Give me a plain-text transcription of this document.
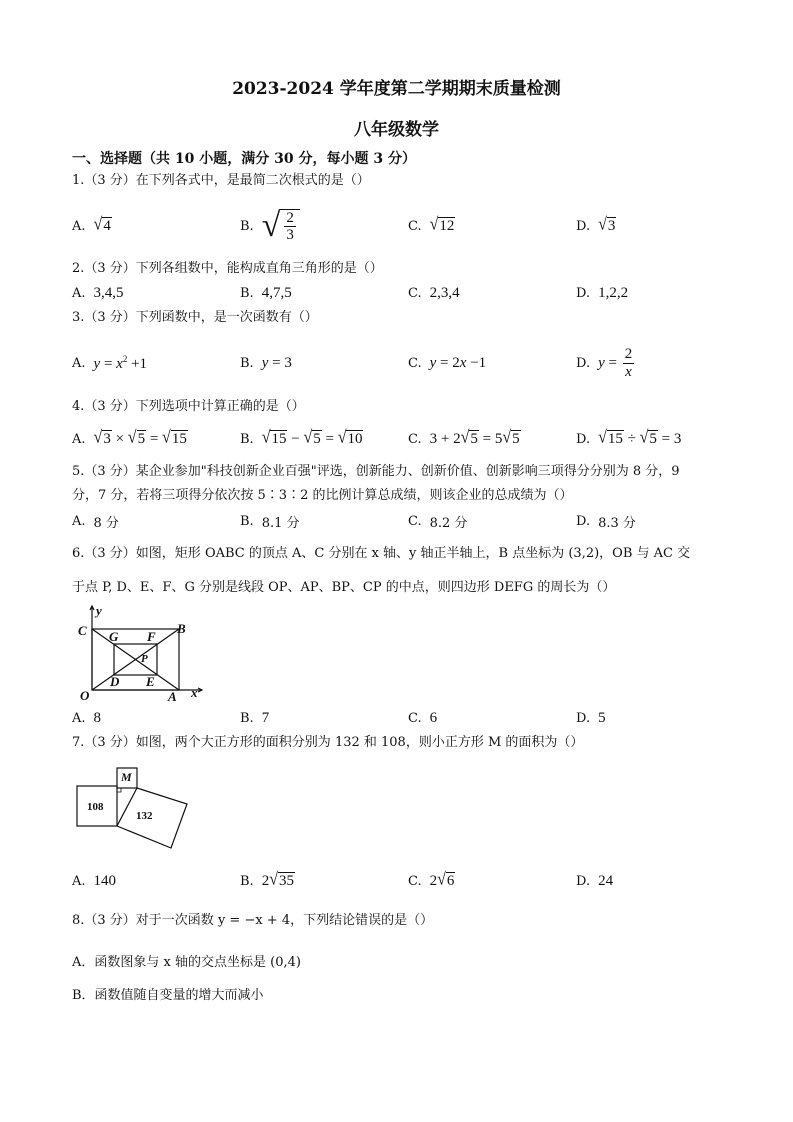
2023-2024 学年度第二学期期末质量检测
八年级数学
一、选择题（共 10 小题，满分 30 分，每小题 3 分）
1.（3 分）在下列各式中，是最简二次根式的是（）
A. √ 4	B. √ $\frac{2}{3}$	C. √ 12	D. √ 3
2.（3 分）下列各组数中，能构成直角三角形的是（）
A. 3,4,5	B. 4,7,5	C. 2,3,4	D. 1,2,2
3.（3 分）下列函数中，是一次函数有（）
A. $y = x^2 +1$	B. y = 3	C. y = 2x −1	D. $y = \frac{2}{x}$
4.（3 分）下列选项中计算正确的是（）
A. √ 3 × √ 5 = √ 15	B. √ 15 − √ 5 = √ 10	C. 3 + 2 √ 5 = 5 √ 5	D. √ 15 ÷ √ 5 = 3
5.（3 分）某企业参加"科技创新企业百强"评选，创新能力、创新价值、创新影响三项得分分别为 8 分，9
分，7 分，若将三项得分依次按 5∶3∶2 的比例计算总成绩，则该企业的总成绩为（）
A. 8 分	B. 8.1 分	C. 8.2 分	D. 8.3 分
6.（3 分）如图，矩形 OABC 的顶点 A、C 分别在 x 轴、y 轴正半轴上，B 点坐标为 (3,2)，OB 与 AC 交
于点 P, D、E、F、G 分别是线段 OP、AP、BP、CP 的中点，则四边形 DEFG 的周长为（）
y
C G F
B
P
D E
O	A x
A. 8	B. 7	C. 6	D. 5
7.（3 分）如图，两个大正方形的面积分别为 132 和 108，则小正方形 M 的面积为（）
M
108
132
A. 140	B. 2 √ 35	C. 2 √ 6	D. 24
8.（3 分）对于一次函数 y = −x + 4，下列结论错误的是（）
A．函数图象与 x 轴的交点坐标是 (0,4)
B．函数值随自变量的增大而减小
